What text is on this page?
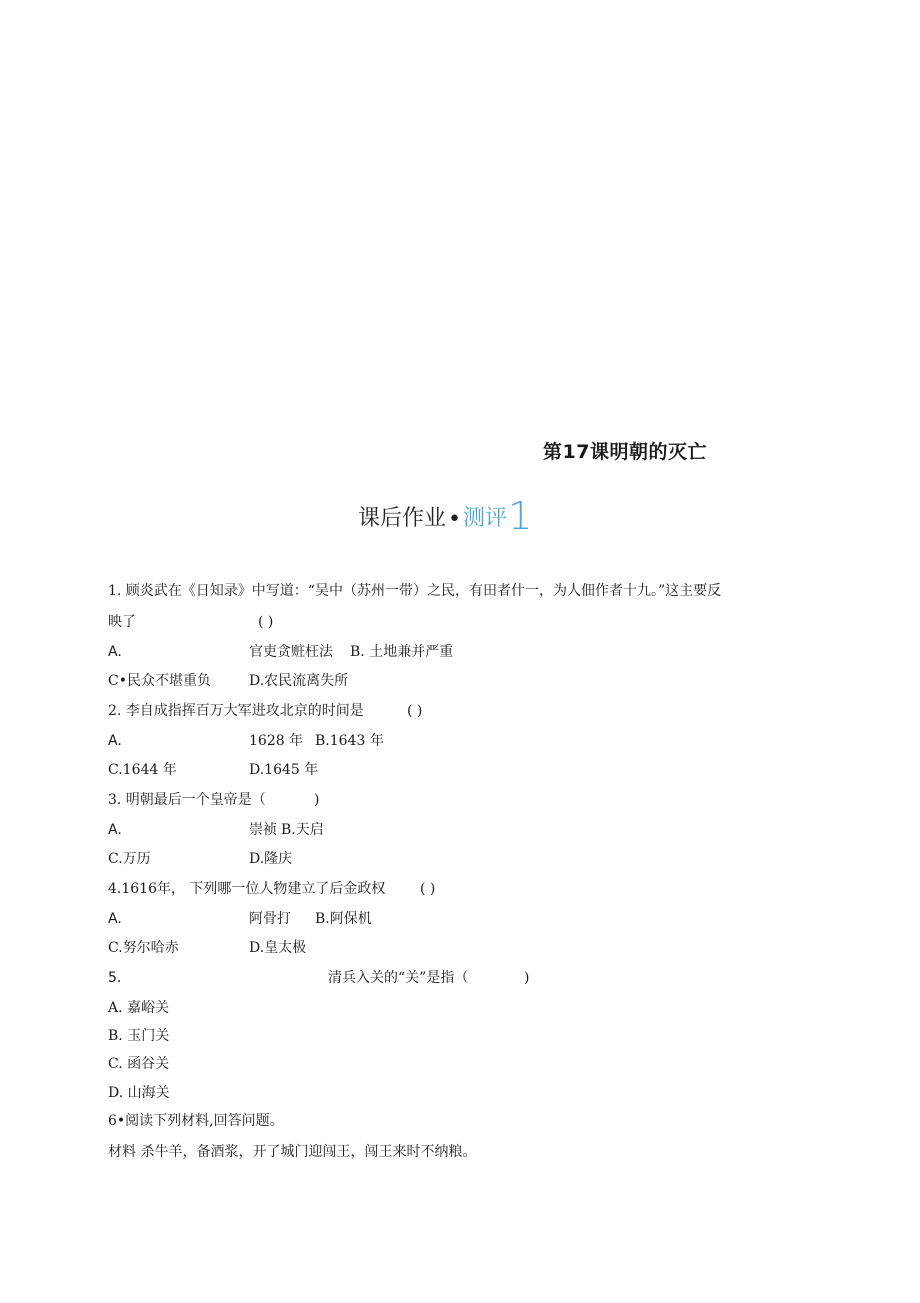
第17课明朝的灭亡
课后作业 • 测评 1
1. 顾炎武在《日知录》中写道：“吴中（苏州一带）之民，有田者什一，为人佃作者十九。”这主要反
映了	( )
A.	官吏贪赃枉法 B. 土地兼并严重
C•民众不堪重负	D.农民流离失所
2. 李自成指挥百万大军进攻北京的时间是	( )
A.	1628 年 B.1643 年
C.1644 年	D.1645 年
3. 明朝最后一个皇帝是（	)
A.	崇祯 B.天启
C.万历	D.隆庆
4.1616年， 下列哪一位人物建立了后金政权 ( )
A.	阿骨打 B.阿保机
C.努尔哈赤	D.皇太极
5.	清兵入关的“关”是指（	)
A. 嘉峪关
B. 玉门关
C. 函谷关
D. 山海关
6•阅读下列材料,回答问题。
材料 杀牛羊，备酒浆，开了城门迎闯王，闯王来时不纳粮。
